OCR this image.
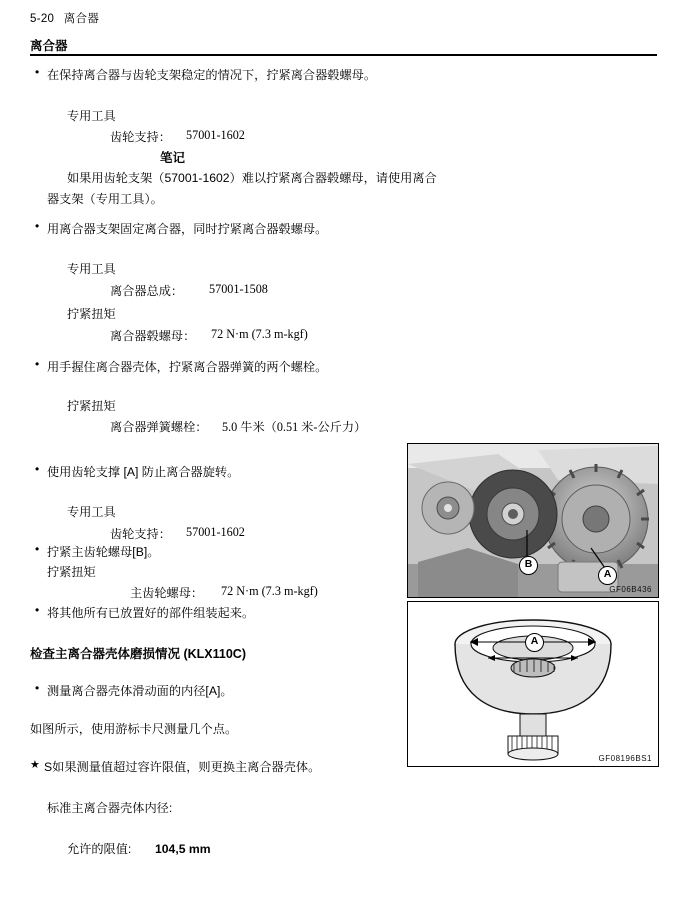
5-20 离合器
离合器
• 在保持离合器与齿轮支架稳定的情况下，拧紧离合器毂螺母。
专用工具
齿轮支持： 57001-1602
笔记
如果用齿轮支架（57001-1602）难以拧紧离合器毂螺母，请使用离合
器支架（专用工具）。
• 用离合器支架固定离合器，同时拧紧离合器毂螺母。
专用工具
离合器总成： 57001-1508
拧紧扭矩
离合器毂螺母： 72 N·m (7.3 m-kgf)
• 用手握住离合器壳体，拧紧离合器弹簧的两个螺栓。
拧紧扭矩
离合器弹簧螺栓： 5.0 牛米（0.51 米-公斤力）
• 使用齿轮支撑 [A] 防止离合器旋转。
专用工具
齿轮支持： 57001-1602
• 拧紧主齿轮螺母[B]。
拧紧扭矩
主齿轮螺母： 72 N·m (7.3 m-kgf)
• 将其他所有已放置好的部件组装起来。
检查主离合器壳体磨损情况 (KLX110C)
• 测量离合器壳体滑动面的内径[A]。
如图所示，使用游标卡尺测量几个点。
★ S如果测量值超过容许限值，则更换主离合器壳体。
标准主离合器壳体内径:
允许的限值: 104,5 mm
B
A
GF06B436
A
GF08196BS1
